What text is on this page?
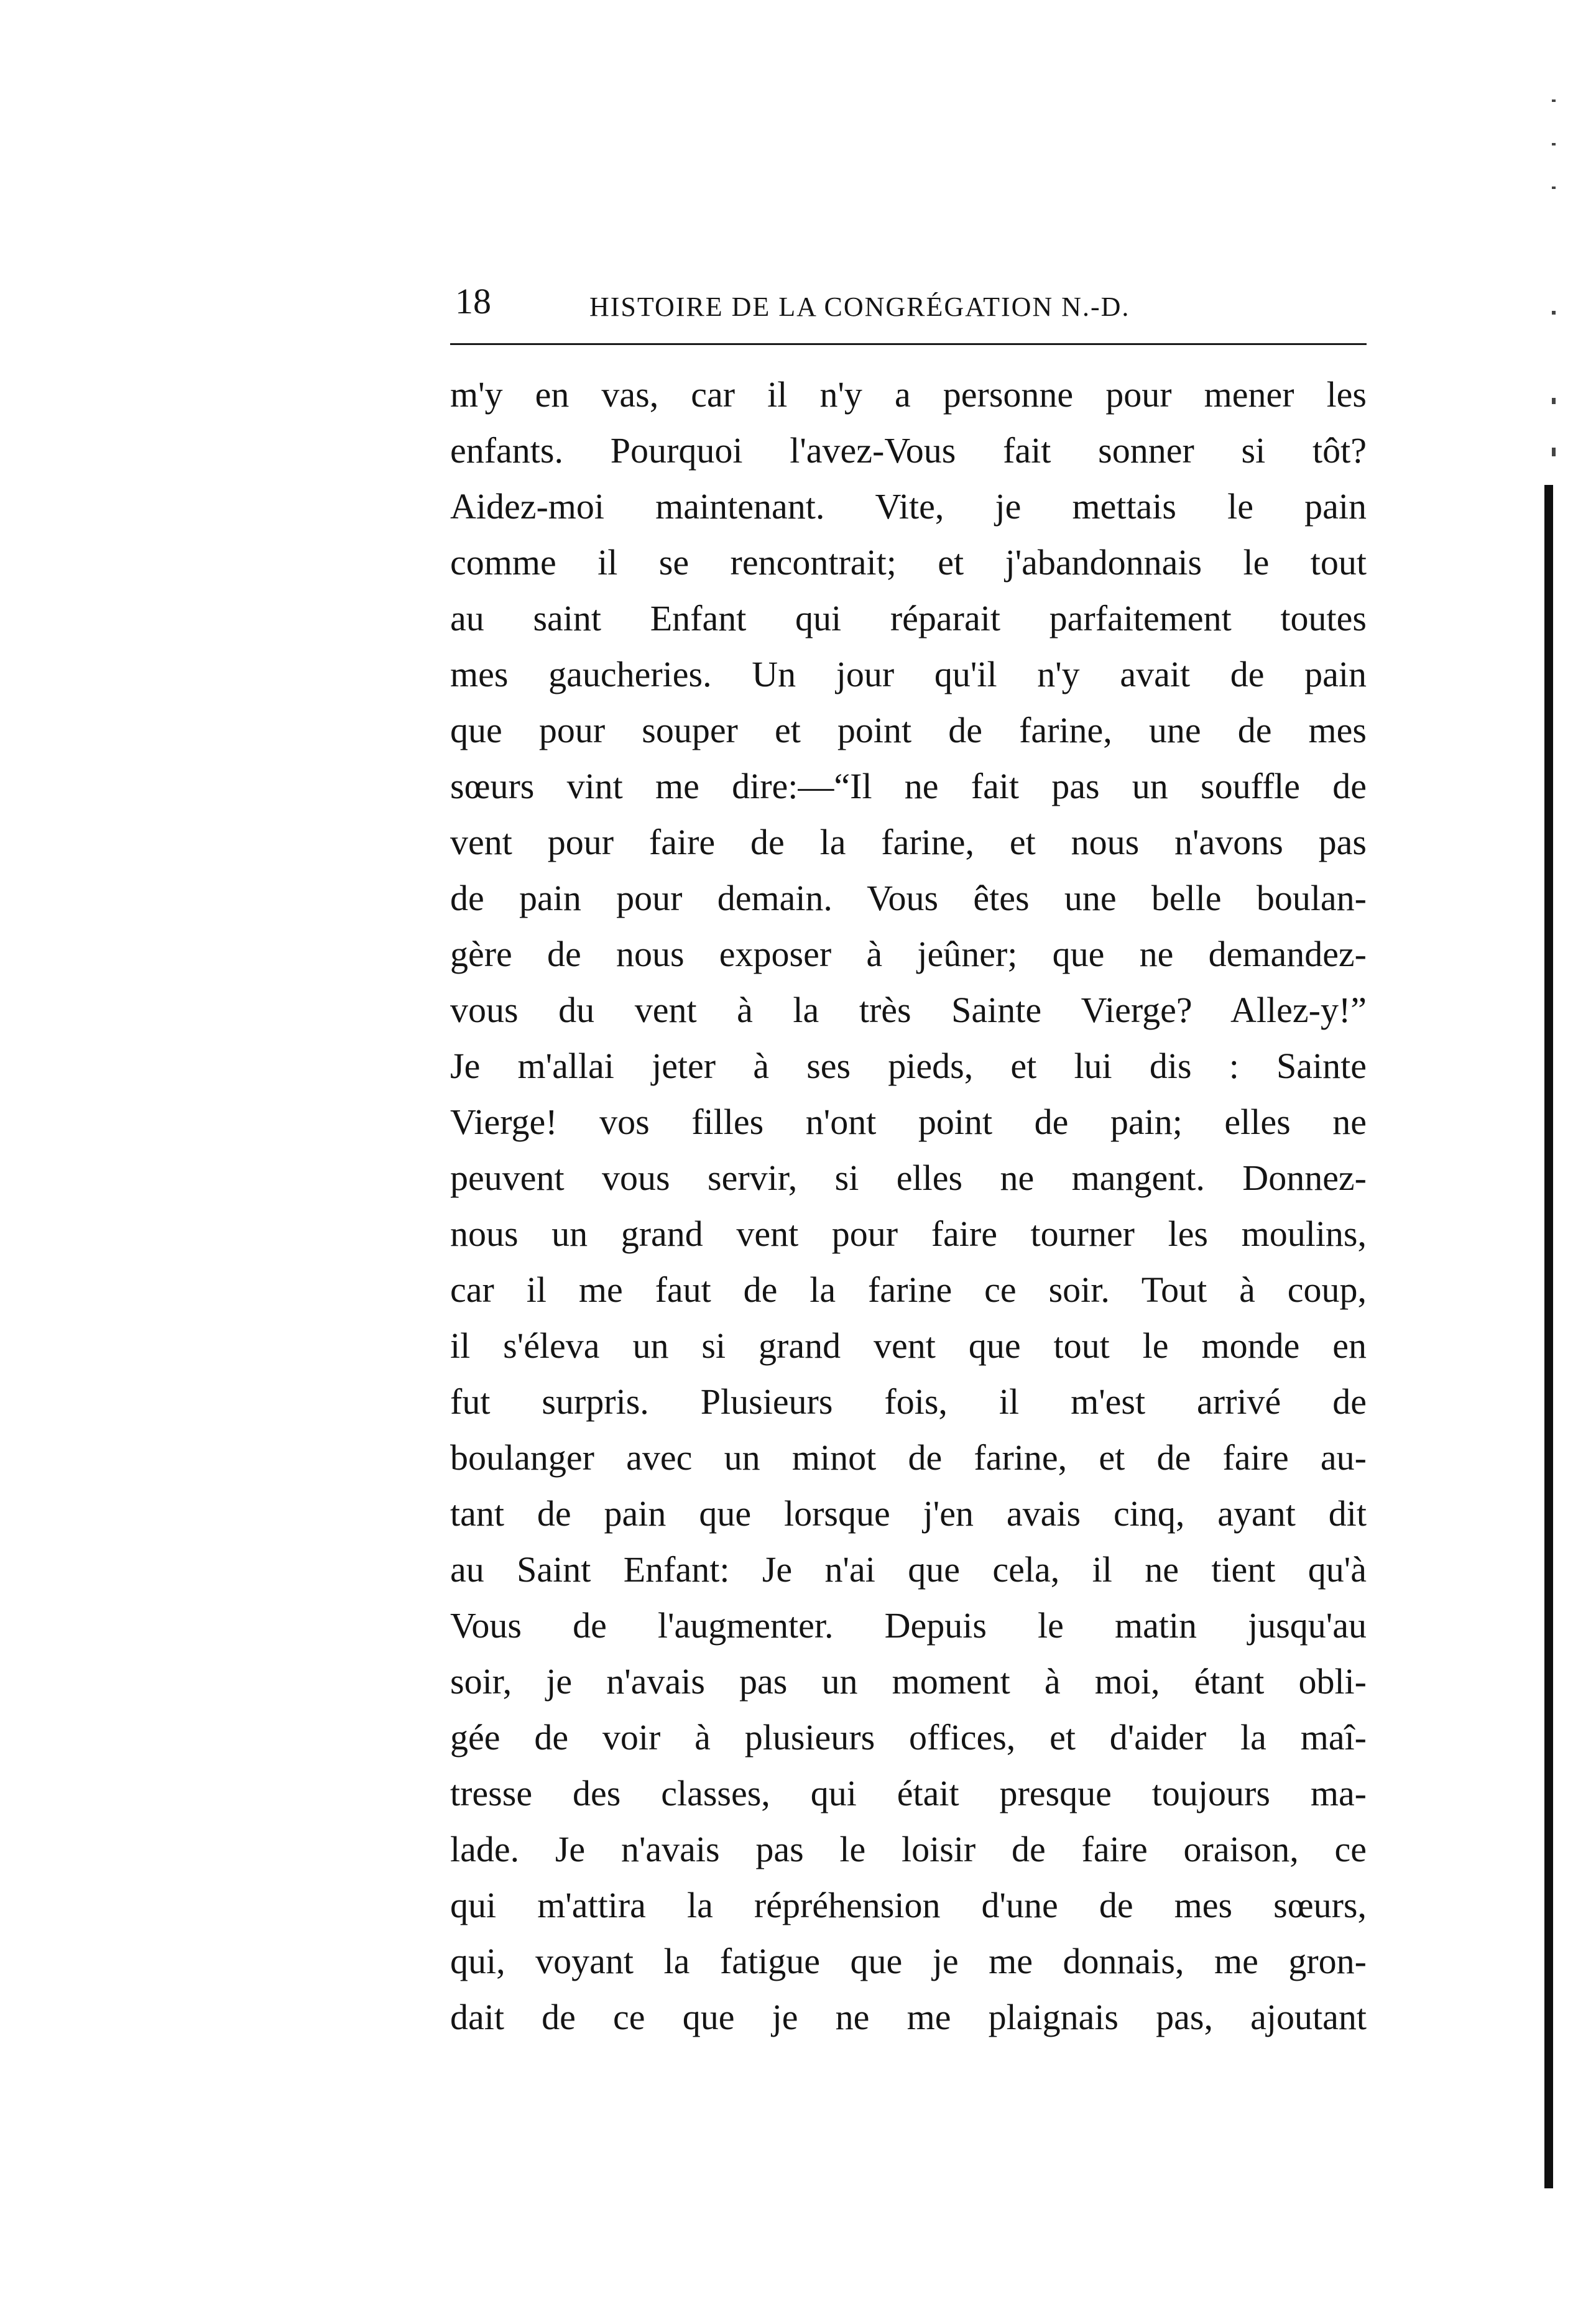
18	HISTOIRE DE LA CONGRÉGATION N.-D.
m'y en vas, car il n'y a personne pour mener les
enfants. Pourquoi l'avez-Vous fait sonner si tôt?
Aidez-moi maintenant. Vite, je mettais le pain
comme il se rencontrait; et j'abandonnais le tout
au saint Enfant qui réparait parfaitement toutes
mes gaucheries. Un jour qu'il n'y avait de pain
que pour souper et point de farine, une de mes
sœurs vint me dire:—“Il ne fait pas un souffle de
vent pour faire de la farine, et nous n'avons pas
de pain pour demain. Vous êtes une belle boulan-
gère de nous exposer à jeûner; que ne demandez-
vous du vent à la très Sainte Vierge? Allez-y!”
Je m'allai jeter à ses pieds, et lui dis : Sainte
Vierge! vos filles n'ont point de pain; elles ne
peuvent vous servir, si elles ne mangent. Donnez-
nous un grand vent pour faire tourner les moulins,
car il me faut de la farine ce soir. Tout à coup,
il s'éleva un si grand vent que tout le monde en
fut surpris. Plusieurs fois, il m'est arrivé de
boulanger avec un minot de farine, et de faire au-
tant de pain que lorsque j'en avais cinq, ayant dit
au Saint Enfant: Je n'ai que cela, il ne tient qu'à
Vous de l'augmenter. Depuis le matin jusqu'au
soir, je n'avais pas un moment à moi, étant obli-
gée de voir à plusieurs offices, et d'aider la maî-
tresse des classes, qui était presque toujours ma-
lade. Je n'avais pas le loisir de faire oraison, ce
qui m'attira la répréhension d'une de mes sœurs,
qui, voyant la fatigue que je me donnais, me gron-
dait de ce que je ne me plaignais pas, ajoutant
